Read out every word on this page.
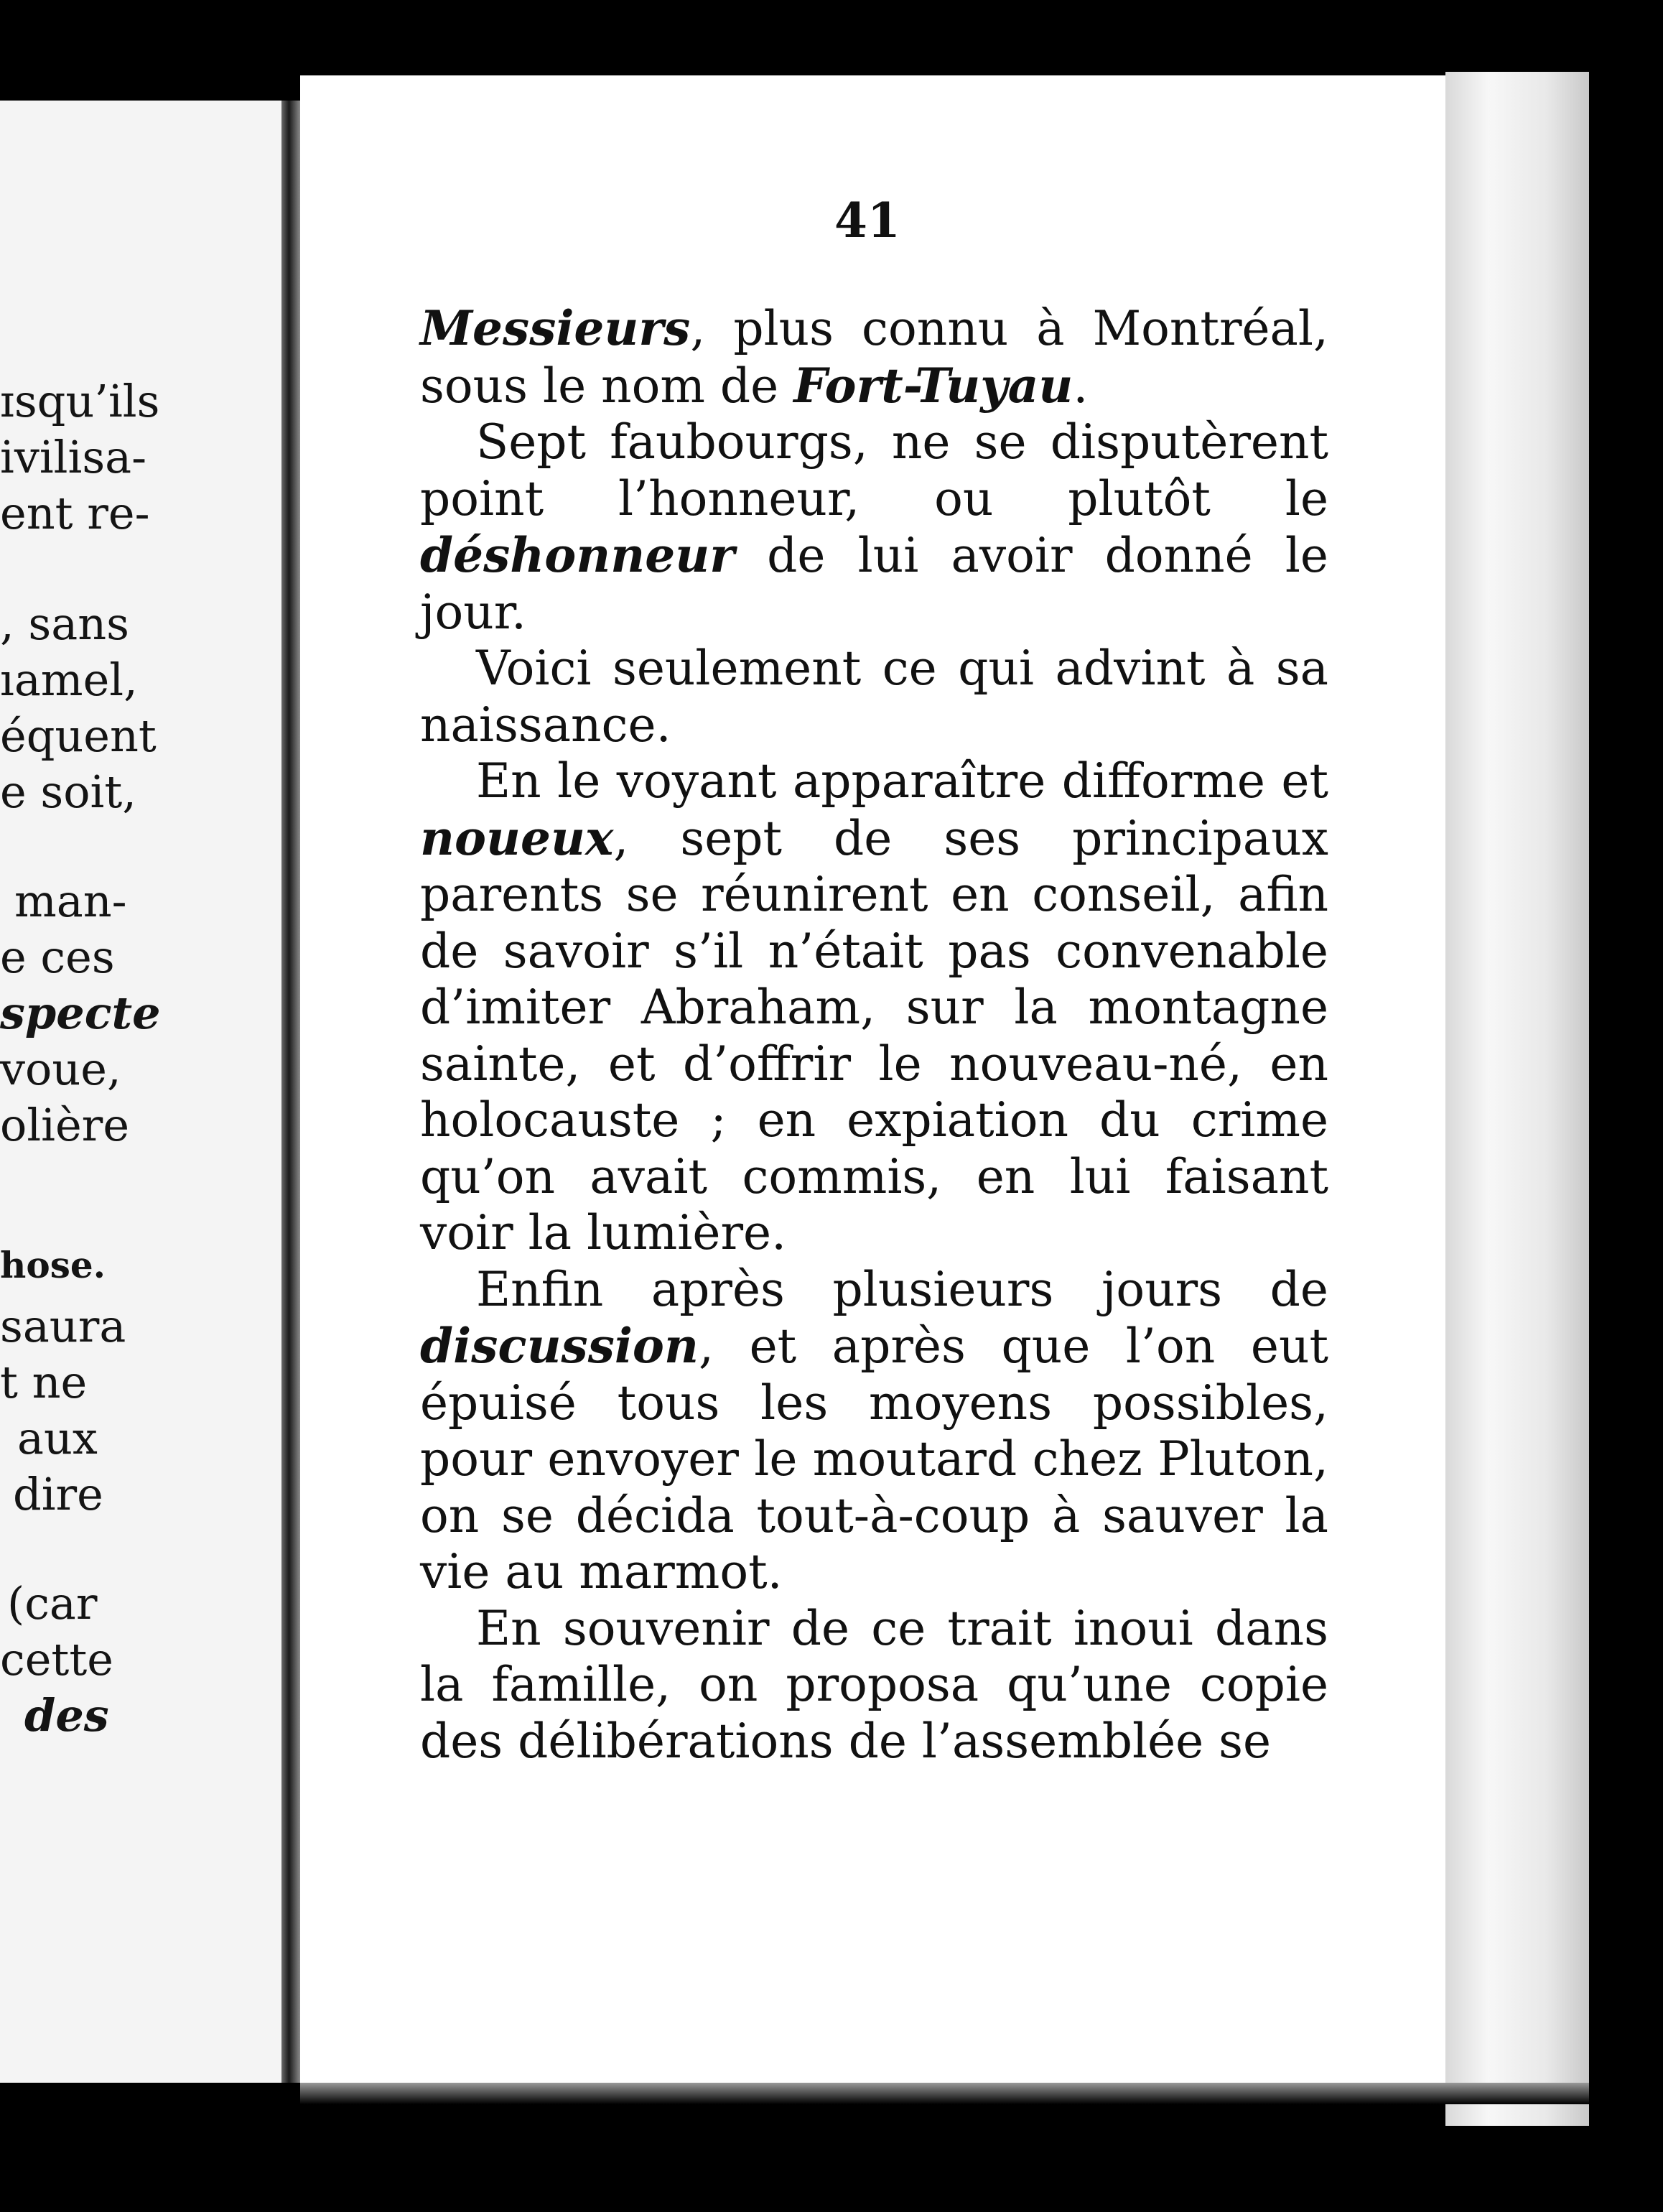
ɪsqu’ils
ivilisa-
ent re-
, sans
ıamel,
équent
e soit,
man-
e ces
specte
voue,
olière
hose.
saura
t ne
aux
dire
(car
cette
des
41

Messieurs, plus connu à Montréal, sous le nom de Fort-Tuyau.

Sept faubourgs, ne se disputèrent point l’honneur, ou plutôt le déshonneur de lui avoir donné le jour.

Voici seulement ce qui advint à sa naissance.

En le voyant apparaître difforme et noueux, sept de ses principaux parents se réunirent en conseil, afin de savoir s’il n’était pas convenable d’imiter Abraham, sur la montagne sainte, et d’offrir le nouveau-né, en holocauste ; en expiation du crime qu’on avait commis, en lui faisant voir la lumière.

Enfin après plusieurs jours de discussion, et après que l’on eut épuisé tous les moyens possibles, pour envoyer le moutard chez Pluton, on se décida tout-à-coup à sauver la vie au marmot.

En souvenir de ce trait inoui dans la famille, on proposa qu’une copie des délibérations de l’assemblée se
